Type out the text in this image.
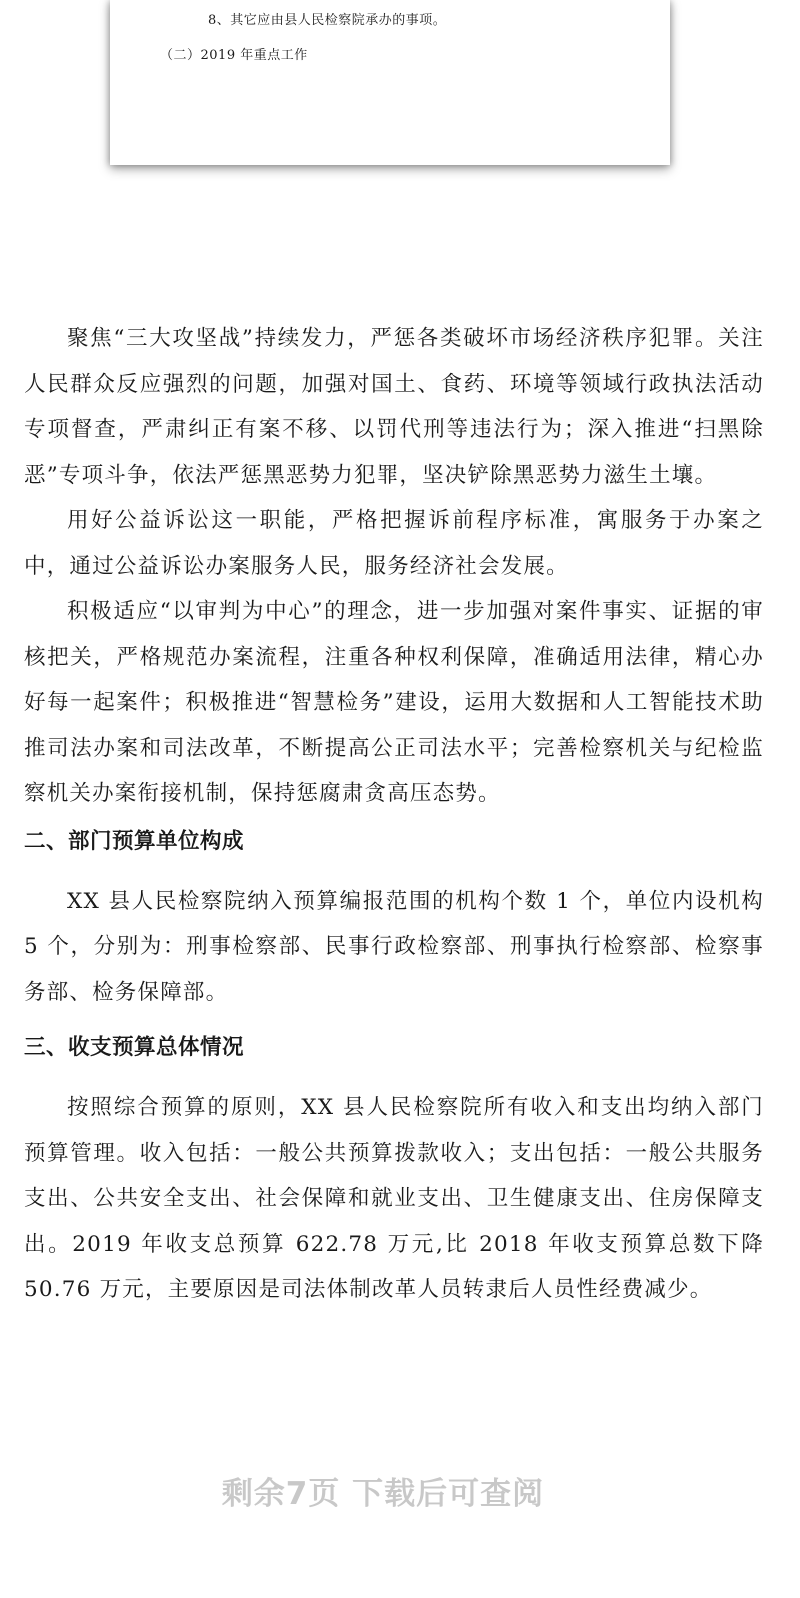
8、其它应由县人民检察院承办的事项。
（二）2019 年重点工作

聚焦“三大攻坚战”持续发力，严惩各类破坏市场经济秩序犯罪。关注人民群众反应强烈的问题，加强对国土、食药、环境等领域行政执法活动专项督查，严肃纠正有案不移、以罚代刑等违法行为；深入推进“扫黑除恶”专项斗争，依法严惩黑恶势力犯罪，坚决铲除黑恶势力滋生土壤。

用好公益诉讼这一职能，严格把握诉前程序标准，寓服务于办案之中，通过公益诉讼办案服务人民，服务经济社会发展。

积极适应“以审判为中心”的理念，进一步加强对案件事实、证据的审核把关，严格规范办案流程，注重各种权利保障，准确适用法律，精心办好每一起案件；积极推进“智慧检务”建设，运用大数据和人工智能技术助推司法办案和司法改革，不断提高公正司法水平；完善检察机关与纪检监察机关办案衔接机制，保持惩腐肃贪高压态势。

二、部门预算单位构成

XX 县人民检察院纳入预算编报范围的机构个数 1 个，单位内设机构 5 个，分别为：刑事检察部、民事行政检察部、刑事执行检察部、检察事务部、检务保障部。

三、收支预算总体情况

按照综合预算的原则，XX 县人民检察院所有收入和支出均纳入部门预算管理。收入包括：一般公共预算拨款收入；支出包括：一般公共服务支出、公共安全支出、社会保障和就业支出、卫生健康支出、住房保障支出。2019 年收支总预算 622.78 万元,比 2018 年收支预算总数下降 50.76 万元，主要原因是司法体制改革人员转隶后人员性经费减少。

剩余7页 下载后可查阅
